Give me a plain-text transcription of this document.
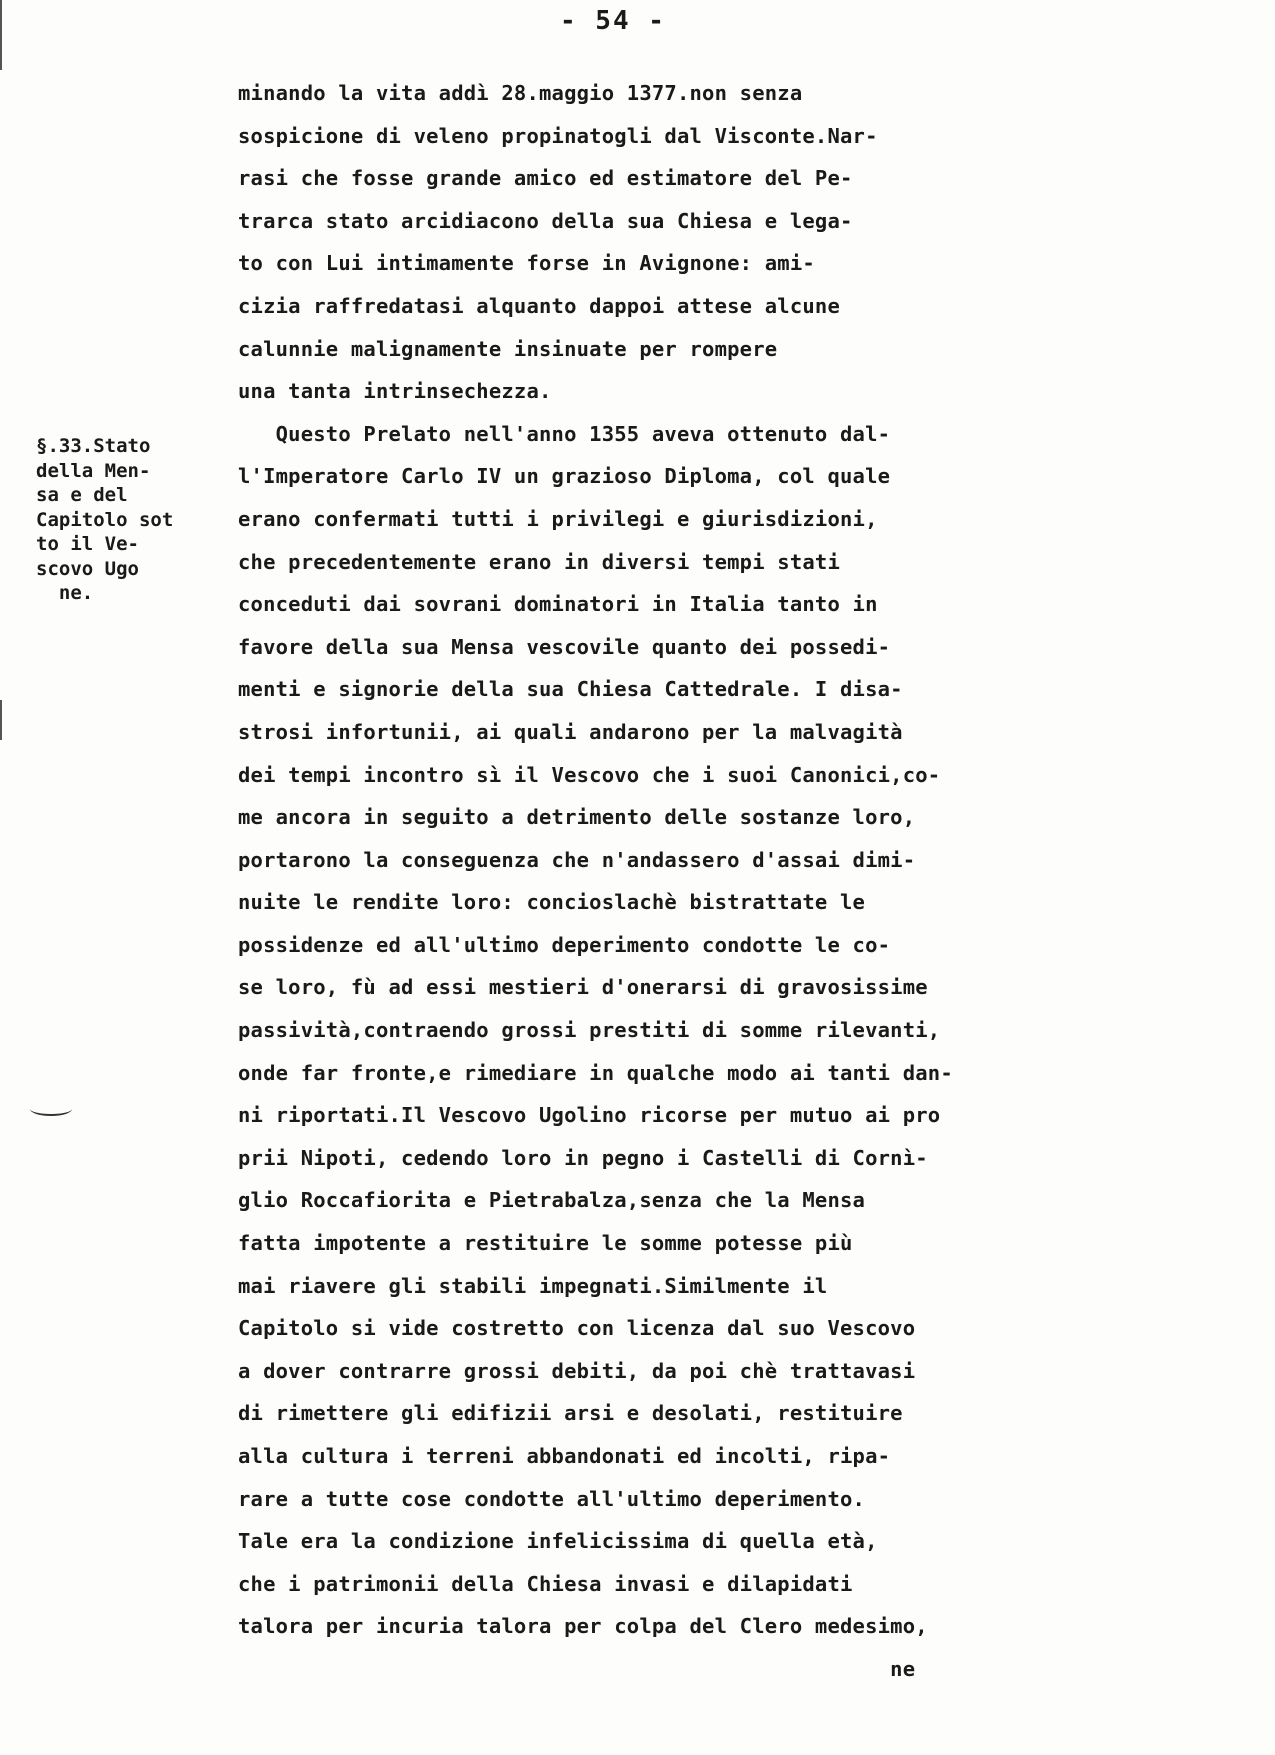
- 54 -
§.33.Stato
della Men-
sa e del
Capitolo sot
to il Ve-
scovo Ugo
ne.
minando la vita addì 28.maggio 1377.non senza
sospicione di veleno propinatogli dal Visconte.Nar-
rasi che fosse grande amico ed estimatore del Pe-
trarca stato arcidiacono della sua Chiesa e lega-
to con Lui intimamente forse in Avignone: ami-
cizia raffredatasi alquanto dappoi attese alcune
calunnie malignamente insinuate per rompere
una tanta intrinsechezza.
Questo Prelato nell'anno 1355 aveva ottenuto dal-
l'Imperatore Carlo IV un grazioso Diploma, col quale
erano confermati tutti i privilegi e giurisdizioni,
che precedentemente erano in diversi tempi stati
conceduti dai sovrani dominatori in Italia tanto in
favore della sua Mensa vescovile quanto dei possedi-
menti e signorie della sua Chiesa Cattedrale. I disa-
strosi infortunii, ai quali andarono per la malvagità
dei tempi incontro sì il Vescovo che i suoi Canonici,co-
me ancora in seguito a detrimento delle sostanze loro,
portarono la conseguenza che n'andassero d'assai dimi-
nuite le rendite loro: concioslachè bistrattate le
possidenze ed all'ultimo deperimento condotte le co-
se loro, fù ad essi mestieri d'onerarsi di gravosissime
passività,contraendo grossi prestiti di somme rilevanti,
onde far fronte,e rimediare in qualche modo ai tanti dan-
ni riportati.Il Vescovo Ugolino ricorse per mutuo ai pro
prii Nipoti, cedendo loro in pegno i Castelli di Cornì-
glio Roccafiorita e Pietrabalza,senza che la Mensa
fatta impotente a restituire le somme potesse più
mai riavere gli stabili impegnati.Similmente il
Capitolo si vide costretto con licenza dal suo Vescovo
a dover contrarre grossi debiti, da poi chè trattavasi
di rimettere gli edifizii arsi e desolati, restituire
alla cultura i terreni abbandonati ed incolti, ripa-
rare a tutte cose condotte all'ultimo deperimento.
Tale era la condizione infelicissima di quella età,
che i patrimonii della Chiesa invasi e dilapidati
talora per incuria talora per colpa del Clero medesimo,
ne
